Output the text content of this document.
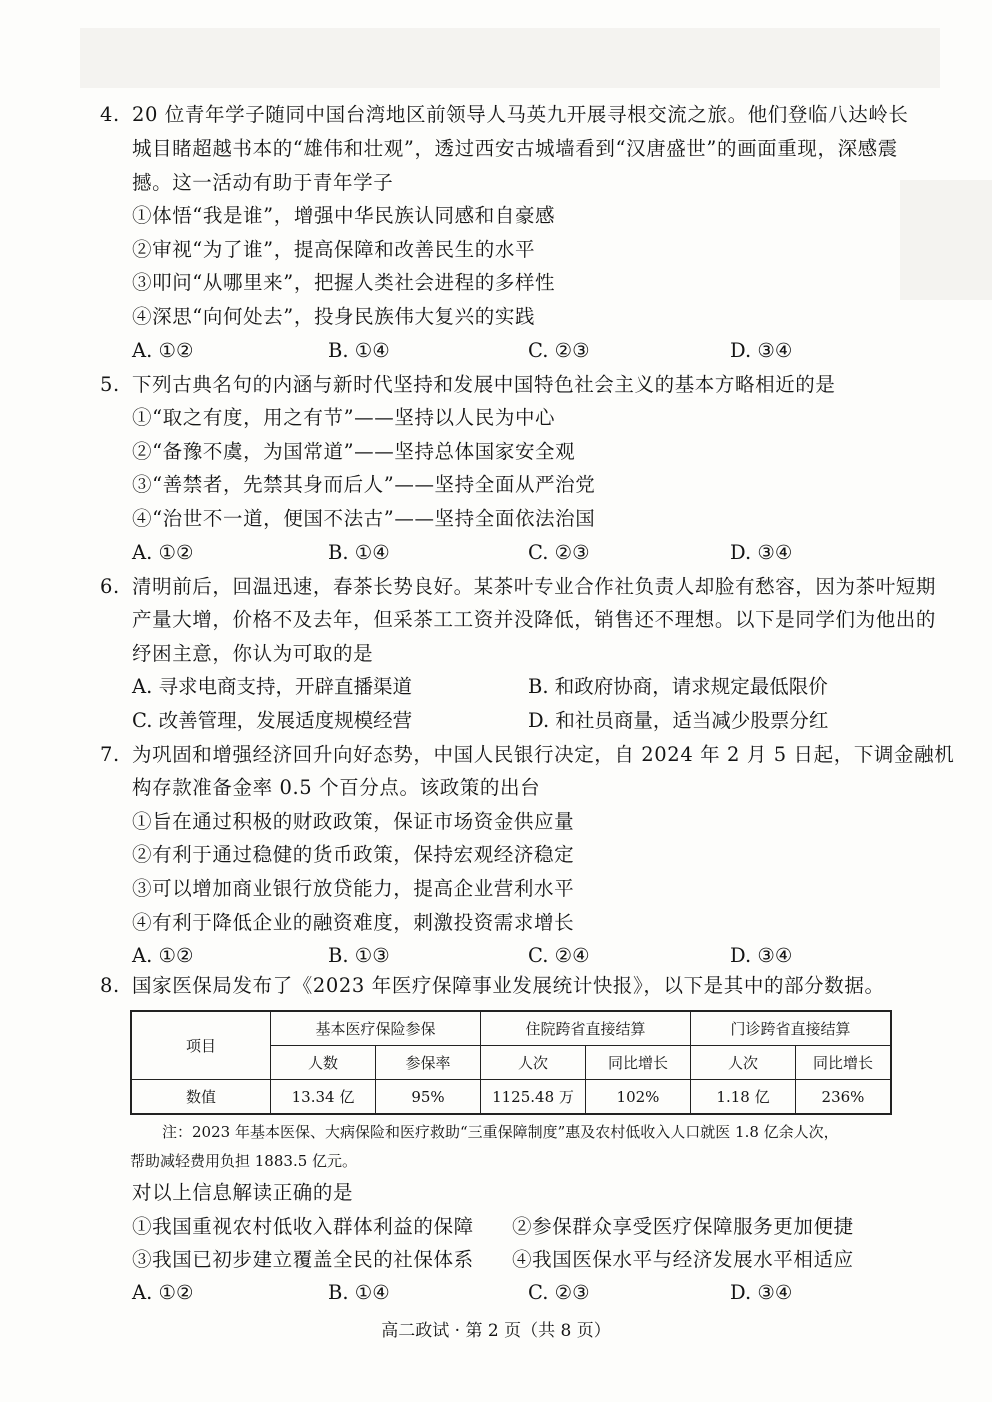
4. 20 位青年学子随同中国台湾地区前领导人马英九开展寻根交流之旅。他们登临八达岭长
城目睹超越书本的“雄伟和壮观”，透过西安古城墙看到“汉唐盛世”的画面重现，深感震
撼。这一活动有助于青年学子
①体悟“我是谁”，增强中华民族认同感和自豪感
②审视“为了谁”，提高保障和改善民生的水平
③叩问“从哪里来”，把握人类社会进程的多样性
④深思“向何处去”，投身民族伟大复兴的实践
A. ①②	B. ①④	C. ②③	D. ③④
5. 下列古典名句的内涵与新时代坚持和发展中国特色社会主义的基本方略相近的是
①“取之有度，用之有节”——坚持以人民为中心
②“备豫不虞，为国常道”——坚持总体国家安全观
③“善禁者，先禁其身而后人”——坚持全面从严治党
④“治世不一道，便国不法古”——坚持全面依法治国
A. ①②	B. ①④	C. ②③	D. ③④
6. 清明前后，回温迅速，春茶长势良好。某茶叶专业合作社负责人却脸有愁容，因为茶叶短期
产量大增，价格不及去年，但采茶工工资并没降低，销售还不理想。以下是同学们为他出的
纾困主意，你认为可取的是
A. 寻求电商支持，开辟直播渠道	B. 和政府协商，请求规定最低限价
C. 改善管理，发展适度规模经营	D. 和社员商量，适当减少股票分红
7. 为巩固和增强经济回升向好态势，中国人民银行决定，自 2024 年 2 月 5 日起，下调金融机
构存款准备金率 0.5 个百分点。该政策的出台
①旨在通过积极的财政政策，保证市场资金供应量
②有利于通过稳健的货币政策，保持宏观经济稳定
③可以增加商业银行放贷能力，提高企业营利水平
④有利于降低企业的融资难度，刺激投资需求增长
A. ①②	B. ①③	C. ②④	D. ③④
8. 国家医保局发布了《2023 年医疗保障事业发展统计快报》，以下是其中的部分数据。
项目	基本医疗保险参保		住院跨省直接结算		门诊跨省直接结算	
	人数	参保率	人次	同比增长	人次	同比增长
数值	13.34 亿	95%	1125.48 万	102%	1.18 亿	236%
注：2023 年基本医保、大病保险和医疗救助“三重保障制度”惠及农村低收入人口就医 1.8 亿余人次，
帮助减轻费用负担 1883.5 亿元。
对以上信息解读正确的是
①我国重视农村低收入群体利益的保障 ②参保群众享受医疗保障服务更加便捷
③我国已初步建立覆盖全民的社保体系 ④我国医保水平与经济发展水平相适应
A. ①②	B. ①④	C. ②③	D. ③④
高二政试 · 第 2 页（共 8 页）
